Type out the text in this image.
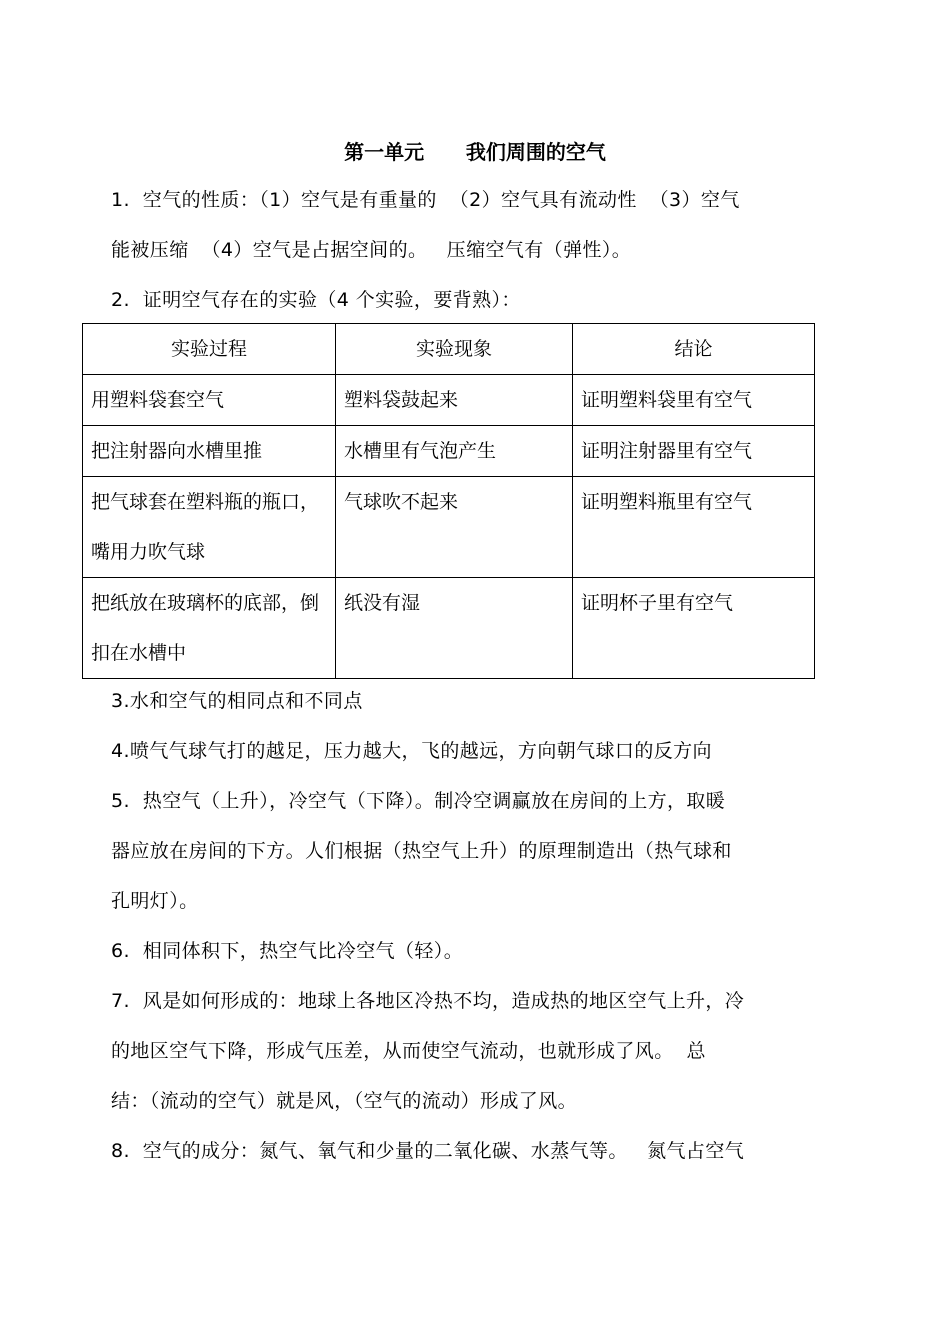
第一单元      我们周围的空气
1.  空气的性质：（1）空气是有重量的  （2）空气具有流动性  （3）空气
能被压缩  （4）空气是占据空间的。   压缩空气有（弹性）。
2.  证明空气存在的实验（4 个实验，要背熟）：
实验过程	实验现象	结论

用塑料袋套空气	塑料袋鼓起来	证明塑料袋里有空气

把注射器向水槽里推	水槽里有气泡产生	证明注射器里有空气

把气球套在塑料瓶的瓶口，嘴用力吹气球	气球吹不起来	证明塑料瓶里有空气

把纸放在玻璃杯的底部，倒扣在水槽中	纸没有湿	证明杯子里有空气
3.水和空气的相同点和不同点
4.喷气气球气打的越足，压力越大，飞的越远，方向朝气球口的反方向
5.  热空气（上升），冷空气（下降）。制冷空调赢放在房间的上方，取暖
器应放在房间的下方。人们根据（热空气上升）的原理制造出（热气球和
孔明灯）。
6.  相同体积下，热空气比冷空气（轻）。
7.  风是如何形成的：地球上各地区冷热不均，造成热的地区空气上升，冷
的地区空气下降，形成气压差，从而使空气流动，也就形成了风。  总
结：（流动的空气）就是风，（空气的流动）形成了风。
8.  空气的成分：氮气、氧气和少量的二氧化碳、水蒸气等。   氮气占空气
